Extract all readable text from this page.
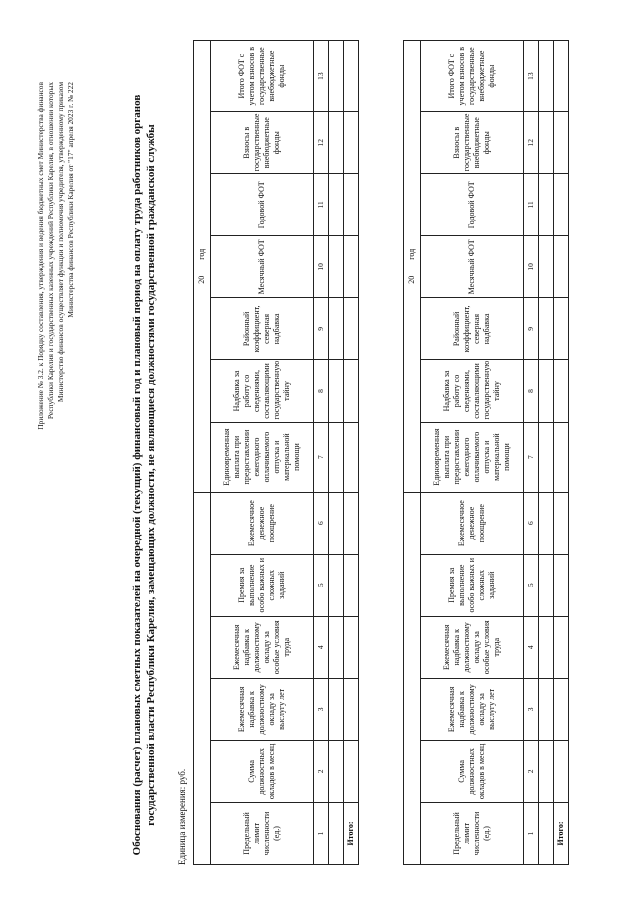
Приложение № 3.2. к Порядку составления, утверждения и ведения бюджетных смет Министерства финансов Республики Карелия и государственных казенных учреждений Республики Карелия, в отношении которых Министерство финансов осуществляет функции и полномочия учредителя, утвержденному приказом Министерства финансов Республики Карелия от "17" апреля 2023 г. № 222	Обоснования (расчет) плановых сметных показателей на очередной (текущий) финансовый год и плановый период на оплату труда работников органов государственной власти Республики Карелия, замещающих должности, не являющиеся должностями государственной гражданской службы Единица измерения: руб.
						20        год						
Предельный лимит численности (ед.)	Сумма должностных окладов в месяц	Ежемесячная надбавка к должностному окладу за выслугу лет	Ежемесячная надбавка к должностному окладу за особые условия труда	Премия за выполнение особо важных и сложных заданий	Ежемесячное денежное поощрение	Единовременная выплата при предоставлении ежегодного оплачиваемого отпуска и материальной помощи	Надбавка за работу со сведениями, составляющими государственную тайну	Районный коэффициент, северная надбавка	Месячный ФОТ	Годовой ФОТ	Взносы в государственные внебюджетные фонды	Итого ФОТ с учетом взносов в государственные внебюджетные фонды
1	2	3	4	5	6	7	8	9	10	11	12	13

Итого:												
						20        год						
Предельный лимит численности (ед.)	Сумма должностных окладов в месяц	Ежемесячная надбавка к должностному окладу за выслугу лет	Ежемесячная надбавка к должностному окладу за особые условия труда	Премия за выполнение особо важных и сложных заданий	Ежемесячное денежное поощрение	Единовременная выплата при предоставлении ежегодного оплачиваемого отпуска и материальной помощи	Надбавка за работу со сведениями, составляющими государственную тайну	Районный коэффициент, северная надбавка	Месячный ФОТ	Годовой ФОТ	Взносы в государственные внебюджетные фонды	Итого ФОТ с учетом взносов в государственные внебюджетные фонды
1	2	3	4	5	6	7	8	9	10	11	12	13

Итого:												
